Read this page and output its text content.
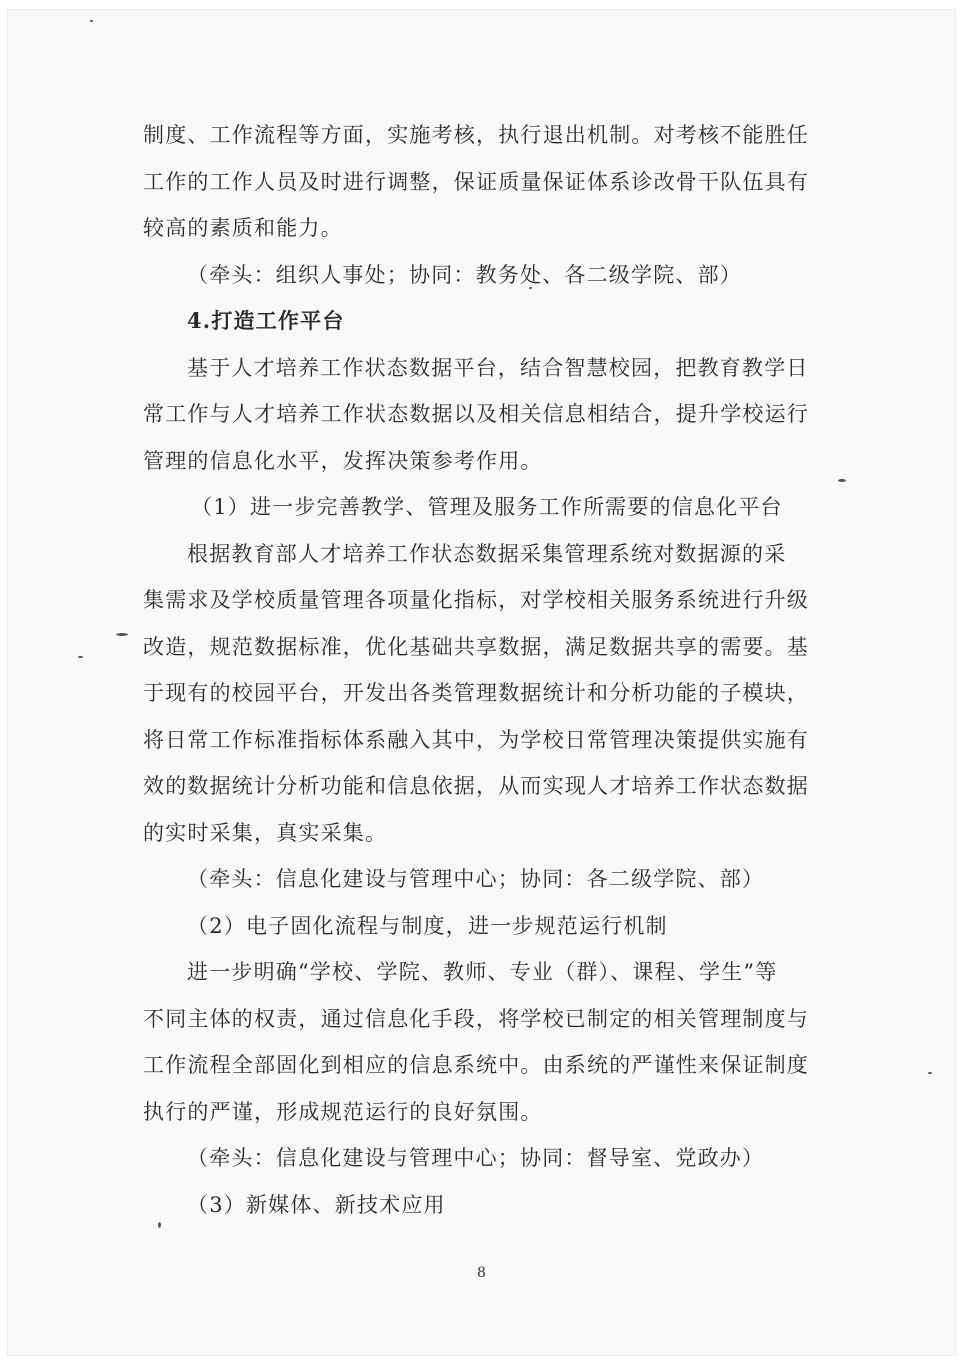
制度、工作流程等方面，实施考核，执行退出机制。对考核不能胜任
工作的工作人员及时进行调整，保证质量保证体系诊改骨干队伍具有
较高的素质和能力。
（牵头：组织人事处；协同：教务处、各二级学院、部）
4.打造工作平台
基于人才培养工作状态数据平台，结合智慧校园，把教育教学日
常工作与人才培养工作状态数据以及相关信息相结合，提升学校运行
管理的信息化水平，发挥决策参考作用。
（1）进一步完善教学、管理及服务工作所需要的信息化平台
根据教育部人才培养工作状态数据采集管理系统对数据源的采
集需求及学校质量管理各项量化指标，对学校相关服务系统进行升级
改造，规范数据标准，优化基础共享数据，满足数据共享的需要。基
于现有的校园平台，开发出各类管理数据统计和分析功能的子模块，
将日常工作标准指标体系融入其中，为学校日常管理决策提供实施有
效的数据统计分析功能和信息依据，从而实现人才培养工作状态数据
的实时采集，真实采集。
（牵头：信息化建设与管理中心；协同：各二级学院、部）
（2）电子固化流程与制度，进一步规范运行机制
进一步明确“学校、学院、教师、专业（群）、课程、学生”等
不同主体的权责，通过信息化手段，将学校已制定的相关管理制度与
工作流程全部固化到相应的信息系统中。由系统的严谨性来保证制度
执行的严谨，形成规范运行的良好氛围。
（牵头：信息化建设与管理中心；协同：督导室、党政办）
（3）新媒体、新技术应用
8
